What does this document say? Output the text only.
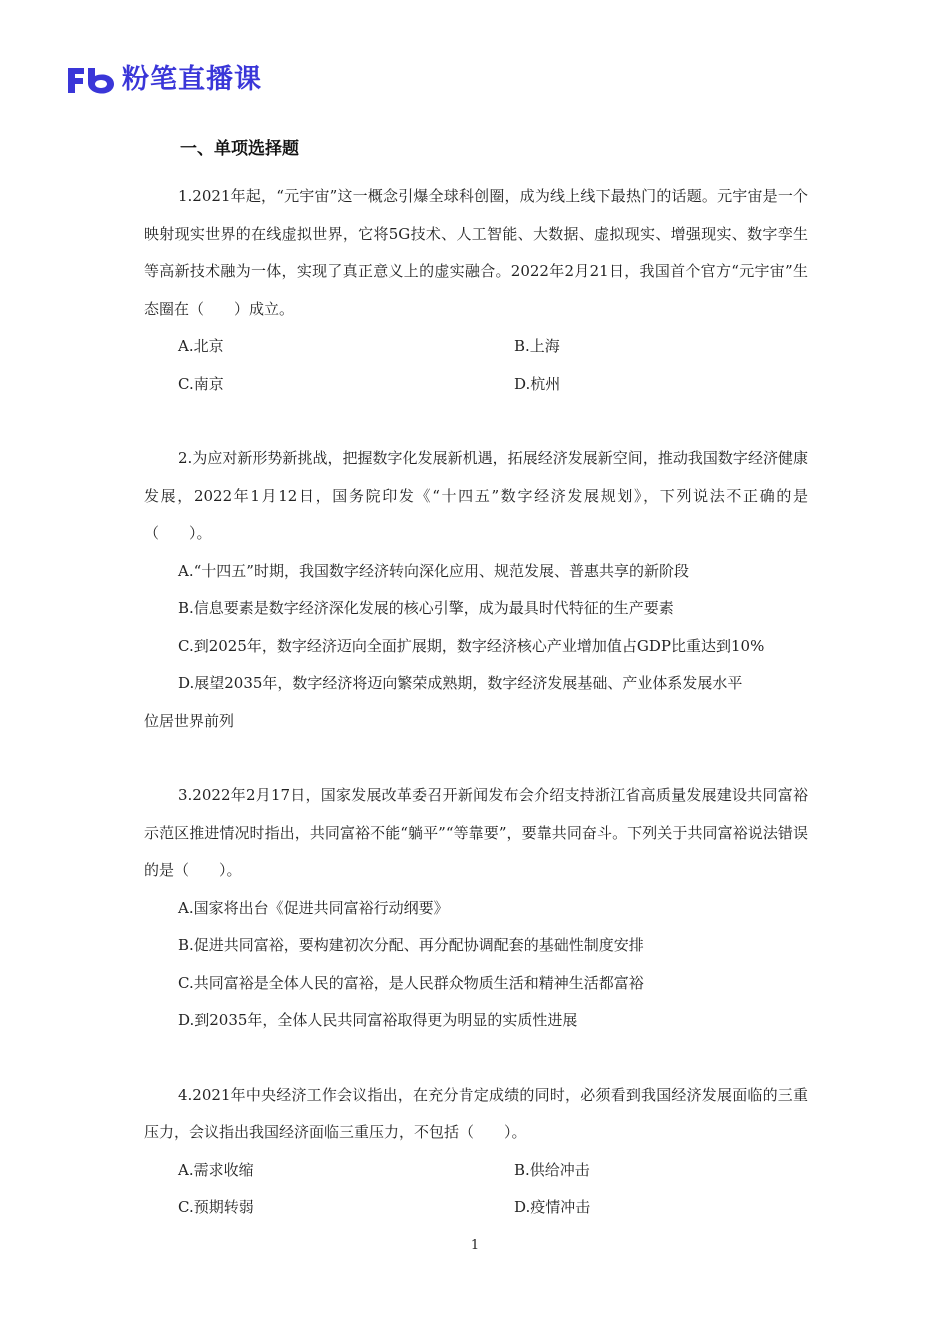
粉笔直播课
一、单项选择题

1.2021年起，“元宇宙”这一概念引爆全球科创圈，成为线上线下最热门的话题。元宇宙是一个映射现实世界的在线虚拟世界，它将5G技术、人工智能、大数据、虚拟现实、增强现实、数字孪生等高新技术融为一体，实现了真正意义上的虚实融合。2022年2月21日，我国首个官方“元宇宙”生态圈在（　　）成立。

A.北京	B.上海

C.南京	D.杭州

2.为应对新形势新挑战，把握数字化发展新机遇，拓展经济发展新空间，推动我国数字经济健康发展，2022年1月12日，国务院印发《“十四五”数字经济发展规划》，下列说法不正确的是（　　）。

A.“十四五”时期，我国数字经济转向深化应用、规范发展、普惠共享的新阶段

B.信息要素是数字经济深化发展的核心引擎，成为最具时代特征的生产要素

C.到2025年，数字经济迈向全面扩展期，数字经济核心产业增加值占GDP比重达到10%

D.展望2035年，数字经济将迈向繁荣成熟期，数字经济发展基础、产业体系发展水平

位居世界前列

3.2022年2月17日，国家发展改革委召开新闻发布会介绍支持浙江省高质量发展建设共同富裕示范区推进情况时指出，共同富裕不能“躺平”“等靠要”，要靠共同奋斗。下列关于共同富裕说法错误的是（　　）。

A.国家将出台《促进共同富裕行动纲要》

B.促进共同富裕，要构建初次分配、再分配协调配套的基础性制度安排

C.共同富裕是全体人民的富裕，是人民群众物质生活和精神生活都富裕

D.到2035年，全体人民共同富裕取得更为明显的实质性进展

4.2021年中央经济工作会议指出，在充分肯定成绩的同时，必须看到我国经济发展面临的三重压力，会议指出我国经济面临三重压力，不包括（　　）。

A.需求收缩	B.供给冲击

C.预期转弱	D.疫情冲击

1
